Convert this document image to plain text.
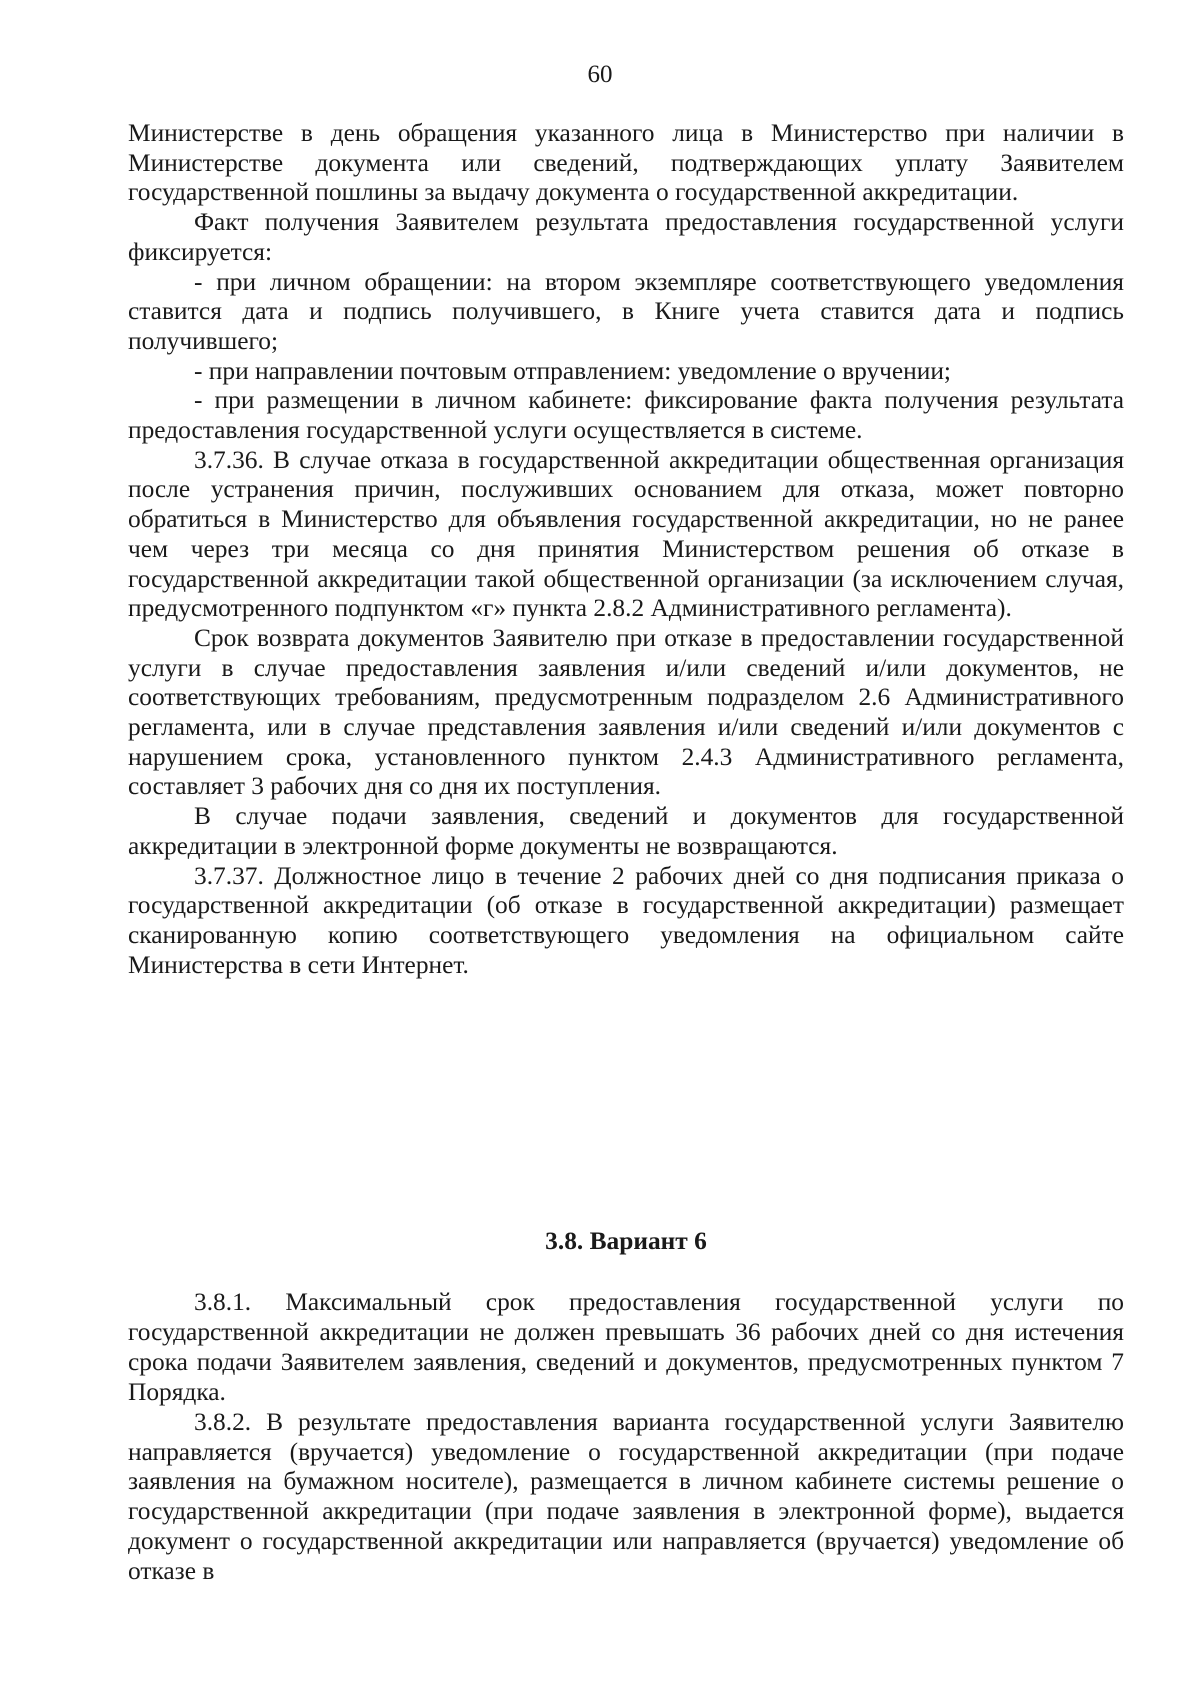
60

Министерстве в день обращения указанного лица в Министерство при наличии в Министерстве документа или сведений, подтверждающих уплату Заявителем государственной пошлины за выдачу документа о государственной аккредитации.

Факт получения Заявителем результата предоставления государственной услуги фиксируется:

- при личном обращении: на втором экземпляре соответствующего уведомления ставится дата и подпись получившего, в Книге учета ставится дата и подпись получившего;

- при направлении почтовым отправлением: уведомление о вручении;

- при размещении в личном кабинете: фиксирование факта получения результата предоставления государственной услуги осуществляется в системе.

3.7.36. В случае отказа в государственной аккредитации общественная организация после устранения причин, послуживших основанием для отказа, может повторно обратиться в Министерство для объявления государственной аккредитации, но не ранее чем через три месяца со дня принятия Министерством решения об отказе в государственной аккредитации такой общественной организации (за исключением случая, предусмотренного подпунктом «г» пункта 2.8.2 Административного регламента).

Срок возврата документов Заявителю при отказе в предоставлении государственной услуги в случае предоставления заявления и/или сведений и/или документов, не соответствующих требованиям, предусмотренным подразделом 2.6 Административного регламента, или в случае представления заявления и/или сведений и/или документов с нарушением срока, установленного пунктом 2.4.3 Административного регламента, составляет 3 рабочих дня со дня их поступления.

В случае подачи заявления, сведений и документов для государственной аккредитации в электронной форме документы не возвращаются.

3.7.37. Должностное лицо в течение 2 рабочих дней со дня подписания приказа о государственной аккредитации (об отказе в государственной аккредитации) размещает сканированную копию соответствующего уведомления на официальном сайте Министерства в сети Интернет.

3.8. Вариант 6

3.8.1. Максимальный срок предоставления государственной услуги по государственной аккредитации не должен превышать 36 рабочих дней со дня истечения срока подачи Заявителем заявления, сведений и документов, предусмотренных пунктом 7 Порядка.

3.8.2. В результате предоставления варианта государственной услуги Заявителю направляется (вручается) уведомление о государственной аккредитации (при подаче заявления на бумажном носителе), размещается в личном кабинете системы решение о государственной аккредитации (при подаче заявления в электронной форме), выдается документ о государственной аккредитации или направляется (вручается) уведомление об отказе в
